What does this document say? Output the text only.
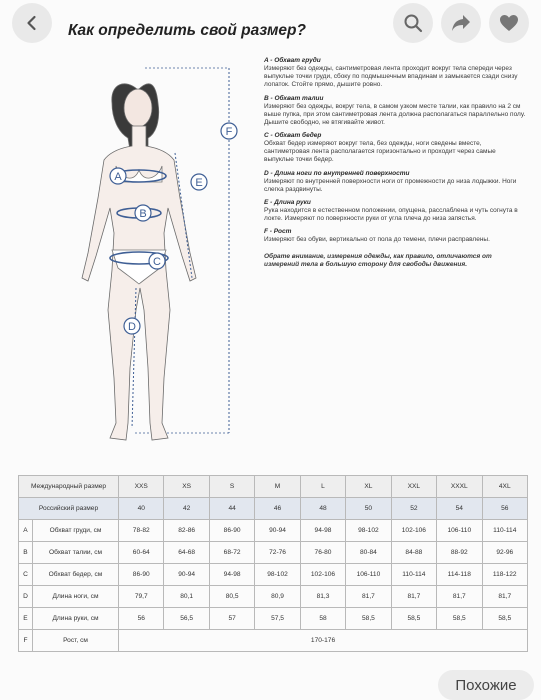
Как определить свой размер?
A
B
C
D
E
F
A - Обхват груди
Измеряют без одежды, сантиметровая лента проходит вокруг тела спереди через выпуклые точки груди, сбоку по подмышечным впадинам и замыкается сзади снизу лопаток. Стойте прямо, дышите ровно.
B - Обхват талии
Измеряют без одежды, вокруг тела, в самом узком месте талии, как правило на 2 см выше пупка, при этом сантиметровая лента должна располагаться параллельно полу. Дышите свободно, не втягивайте живот.
C - Обхват бедер
Обхват бедер измеряют вокруг тела, без одежды, ноги сведены вместе, сантиметровая лента располагается горизонтально и проходит через самые выпуклые точки бедер.
D - Длина ноги по внутренней поверхности
Измеряют по внутренней поверхности ноги от промежности до низа лодыжки. Ноги слегка раздвинуты.
E - Длина руки
Рука находится в естественном положении, опущена, расслаблена и чуть согнута в локте. Измеряют по поверхности руки от угла плеча до низа запястья.
F - Рост
Измеряют без обуви, вертикально от пола до темени, плечи расправлены.
Обрате внимание, измерения одежды, как правило, отличаются от измерений тела в большую сторону для свободы движения.
Международный размер		XXS	XS	S	M	L	XL	XXL	XXXL	4XL
Российский размер		40	42	44	46	48	50	52	54	56
A	Обхват груди, см	78-82	82-86	86-90	90-94	94-98	98-102	102-106	106-110	110-114
B	Обхват талии, см	60-64	64-68	68-72	72-76	76-80	80-84	84-88	88-92	92-96
C	Обхват бедер, см	86-90	90-94	94-98	98-102	102-106	106-110	110-114	114-118	118-122
D	Длина ноги, см	79,7	80,1	80,5	80,9	81,3	81,7	81,7	81,7	81,7
E	Длина руки, см	56	56,5	57	57,5	58	58,5	58,5	58,5	58,5
F	Рост, см	170-176								
Похожие
